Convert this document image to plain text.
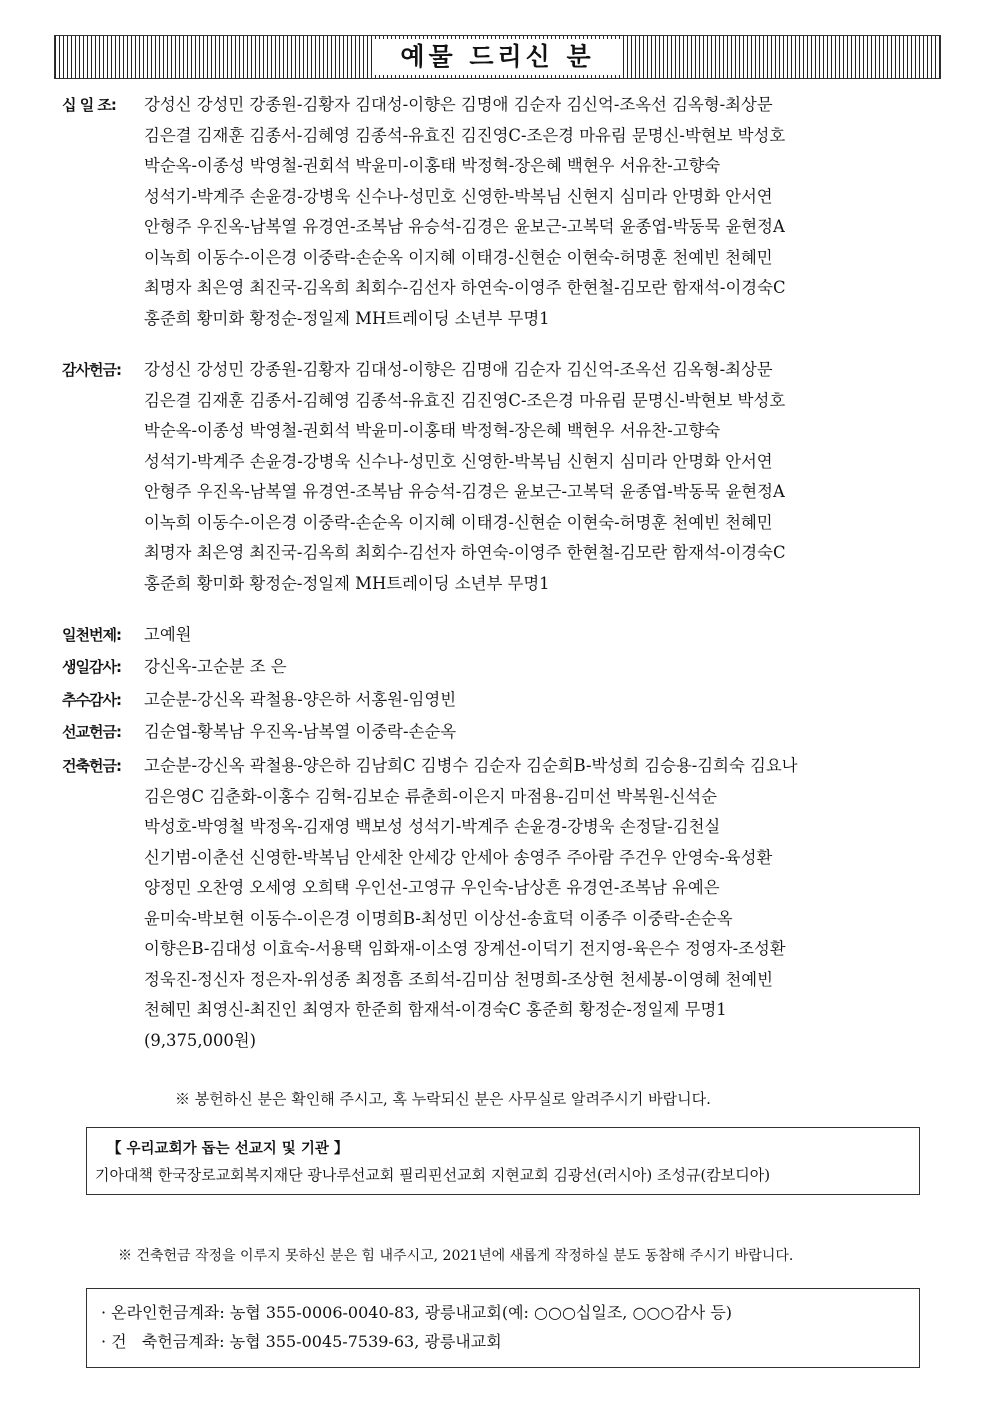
예물 드리신 분
십 일 조:	강성신 강성민 강종원-김황자 김대성-이향은 김명애 김순자 김신억-조옥선 김옥형-최상문
김은결 김재훈 김종서-김혜영 김종석-유효진 김진영C-조은경 마유림 문명신-박현보 박성호
박순옥-이종성 박영철-권회석 박윤미-이홍태 박정혁-장은혜 백현우 서유찬-고향숙
성석기-박계주 손윤경-강병욱 신수나-성민호 신영한-박복님 신현지 심미라 안명화 안서연
안형주 우진옥-남복열 유경연-조복남 유승석-김경은 윤보근-고복덕 윤종엽-박동묵 윤현정A
이녹희 이동수-이은경 이중락-손순옥 이지혜 이태경-신현순 이현숙-허명훈 천예빈 천혜민
최명자 최은영 최진국-김옥희 최회수-김선자 하연숙-이영주 한현철-김모란 함재석-이경숙C
홍준희 황미화 황정순-정일제 MH트레이딩 소년부 무명1
감사헌금:	강성신 강성민 강종원-김황자 김대성-이향은 김명애 김순자 김신억-조옥선 김옥형-최상문
김은결 김재훈 김종서-김혜영 김종석-유효진 김진영C-조은경 마유림 문명신-박현보 박성호
박순옥-이종성 박영철-권회석 박윤미-이홍태 박정혁-장은혜 백현우 서유찬-고향숙
성석기-박계주 손윤경-강병욱 신수나-성민호 신영한-박복님 신현지 심미라 안명화 안서연
안형주 우진옥-남복열 유경연-조복남 유승석-김경은 윤보근-고복덕 윤종엽-박동묵 윤현정A
이녹희 이동수-이은경 이중락-손순옥 이지혜 이태경-신현순 이현숙-허명훈 천예빈 천혜민
최명자 최은영 최진국-김옥희 최회수-김선자 하연숙-이영주 한현철-김모란 함재석-이경숙C
홍준희 황미화 황정순-정일제 MH트레이딩 소년부 무명1
일천번제:	고예원
생일감사:	강신옥-고순분 조 은
추수감사:	고순분-강신옥 곽철용-양은하 서홍원-임영빈
선교헌금:	김순엽-황복남 우진옥-남복열 이중락-손순옥
건축헌금:	고순분-강신옥 곽철용-양은하 김남희C 김병수 김순자 김순희B-박성희 김승용-김희숙 김요나
김은영C 김춘화-이홍수 김혁-김보순 류춘희-이은지 마점용-김미선 박복원-신석순
박성호-박영철 박정옥-김재영 백보성 성석기-박계주 손윤경-강병욱 손정달-김천실
신기범-이춘선 신영한-박복님 안세찬 안세강 안세아 송영주 주아람 주건우 안영숙-육성환
양정민 오찬영 오세영 오희택 우인선-고영규 우인숙-남상흔 유경연-조복남 유예은
윤미숙-박보현 이동수-이은경 이명희B-최성민 이상선-송효덕 이종주 이중락-손순옥
이향은B-김대성 이효숙-서용택 임화재-이소영 장계선-이덕기 전지영-육은수 정영자-조성환
정욱진-정신자 정은자-위성종 최정흠 조희석-김미삼 천명희-조상현 천세봉-이영혜 천예빈
천혜민 최영신-최진인 최영자 한준희 함재석-이경숙C 홍준희 황정순-정일제 무명1
(9,375,000원)
※ 봉헌하신 분은 확인해 주시고, 혹 누락되신 분은 사무실로 알려주시기 바랍니다.
【 우리교회가 돕는 선교지 및 기관 】
기아대책 한국장로교회복지재단 광나루선교회 필리핀선교회 지현교회 김광선(러시아) 조성규(캄보디아)
※ 건축헌금 작정을 이루지 못하신 분은 힘 내주시고, 2021년에 새롭게 작정하실 분도 동참해 주시기 바랍니다.
· 온라인헌금계좌: 농협 355-0006-0040-83, 광릉내교회(예: ○○○십일조, ○○○감사 등)
· 건   축헌금계좌: 농협 355-0045-7539-63, 광릉내교회
